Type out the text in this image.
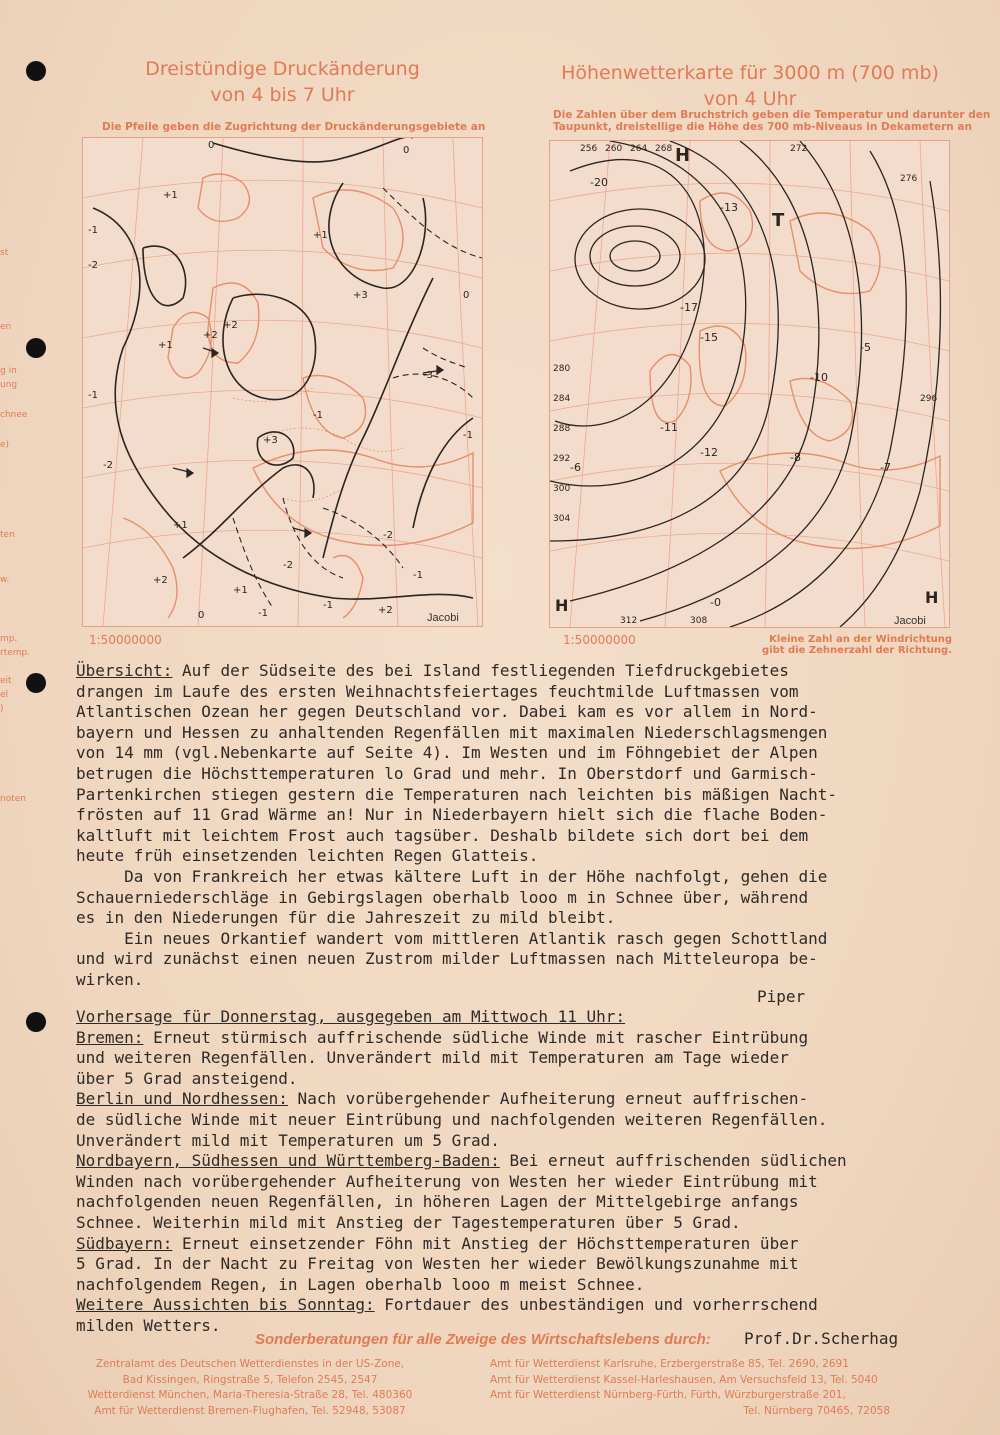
st
en
g in
ung
chnee
e)
ten
w.
mp.
rtemp.
eit
el
)
noten
Dreistündige Druckänderung
von 4 bis 7 Uhr
Die Pfeile geben die Zugrichtung der Druckänderungsgebiete an
0
-1
-2
+1
+2
+3
-3
+1
-1
0
+2
-2
+1
-1
+3
-1
+2
+1
-2
-1
+1
0	-1
-2
0
+2
-1
Jacobi
1:50000000
Höhenwetterkarte für 3000 m (700 mb)
von 4 Uhr
Die Zahlen über dem Bruchstrich geben die Temperatur und darunter den
Taupunkt, dreistellige die Höhe des 700 mb-Niveaus in Dekametern an
256 260 264 268	272
276
280
284
288
292
296
300
304
308
312
-20
-13
-17
-15
-11
-12
-5
-6
-8
-10
-0
-7
H
T
H	H
Jacobi
1:50000000	Kleine Zahl an der Windrichtung
gibt die Zehnerzahl der Richtung.
Übersicht: Auf der Südseite des bei Island festliegenden Tiefdruckgebietes
drangen im Laufe des ersten Weihnachtsfeiertages feuchtmilde Luftmassen vom
Atlantischen Ozean her gegen Deutschland vor. Dabei kam es vor allem in Nord-
bayern und Hessen zu anhaltenden Regenfällen mit maximalen Niederschlagsmengen
von 14 mm (vgl.Nebenkarte auf Seite 4). Im Westen und im Föhngebiet der Alpen
betrugen die Höchsttemperaturen lo Grad und mehr. In Oberstdorf und Garmisch-
Partenkirchen stiegen gestern die Temperaturen nach leichten bis mäßigen Nacht-
frösten auf 11 Grad Wärme an! Nur in Niederbayern hielt sich die flache Boden-
kaltluft mit leichtem Frost auch tagsüber. Deshalb bildete sich dort bei dem
heute früh einsetzenden leichten Regen Glatteis.
Da von Frankreich her etwas kältere Luft in der Höhe nachfolgt, gehen die
Schauerniederschläge in Gebirgslagen oberhalb looo m in Schnee über, während
es in den Niederungen für die Jahreszeit zu mild bleibt.
Ein neues Orkantief wandert vom mittleren Atlantik rasch gegen Schottland
und wird zunächst einen neuen Zustrom milder Luftmassen nach Mitteleuropa be-
wirken.
Piper
Vorhersage für Donnerstag, ausgegeben am Mittwoch 11 Uhr:
Bremen: Erneut stürmisch auffrischende südliche Winde mit rascher Eintrübung
und weiteren Regenfällen. Unverändert mild mit Temperaturen am Tage wieder
über 5 Grad ansteigend.
Berlin und Nordhessen: Nach vorübergehender Aufheiterung erneut auffrischen-
de südliche Winde mit neuer Eintrübung und nachfolgenden weiteren Regenfällen.
Unverändert mild mit Temperaturen um 5 Grad.
Nordbayern, Südhessen und Württemberg-Baden: Bei erneut auffrischenden südlichen
Winden nach vorübergehender Aufheiterung von Westen her wieder Eintrübung mit
nachfolgenden neuen Regenfällen, in höheren Lagen der Mittelgebirge anfangs
Schnee. Weiterhin mild mit Anstieg der Tagestemperaturen über 5 Grad.
Südbayern: Erneut einsetzender Föhn mit Anstieg der Höchsttemperaturen über
5 Grad. In der Nacht zu Freitag von Westen her wieder Bewölkungszunahme mit
nachfolgendem Regen, in Lagen oberhalb looo m meist Schnee.
Weitere Aussichten bis Sonntag: Fortdauer des unbeständigen und vorherrschend
milden Wetters.
Prof.Dr.Scherhag
Sonderberatungen für alle Zweige des Wirtschaftslebens durch:
Zentralamt des Deutschen Wetterdienstes in der US-Zone,
Bad Kissingen, Ringstraße 5, Telefon 2545, 2547
Wetterdienst München, Maria-Theresia-Straße 28, Tel. 480360
Amt für Wetterdienst Bremen-Flughafen, Tel. 52948, 53087
Amt für Wetterdienst Karlsruhe, Erzbergerstraße 85, Tel. 2690, 2691
Amt für Wetterdienst Kassel-Harleshausen, Am Versuchsfeld 13, Tel. 5040
Amt für Wetterdienst Nürnberg-Fürth, Fürth, Würzburgerstraße 201,
Tel. Nürnberg 70465, 72058
